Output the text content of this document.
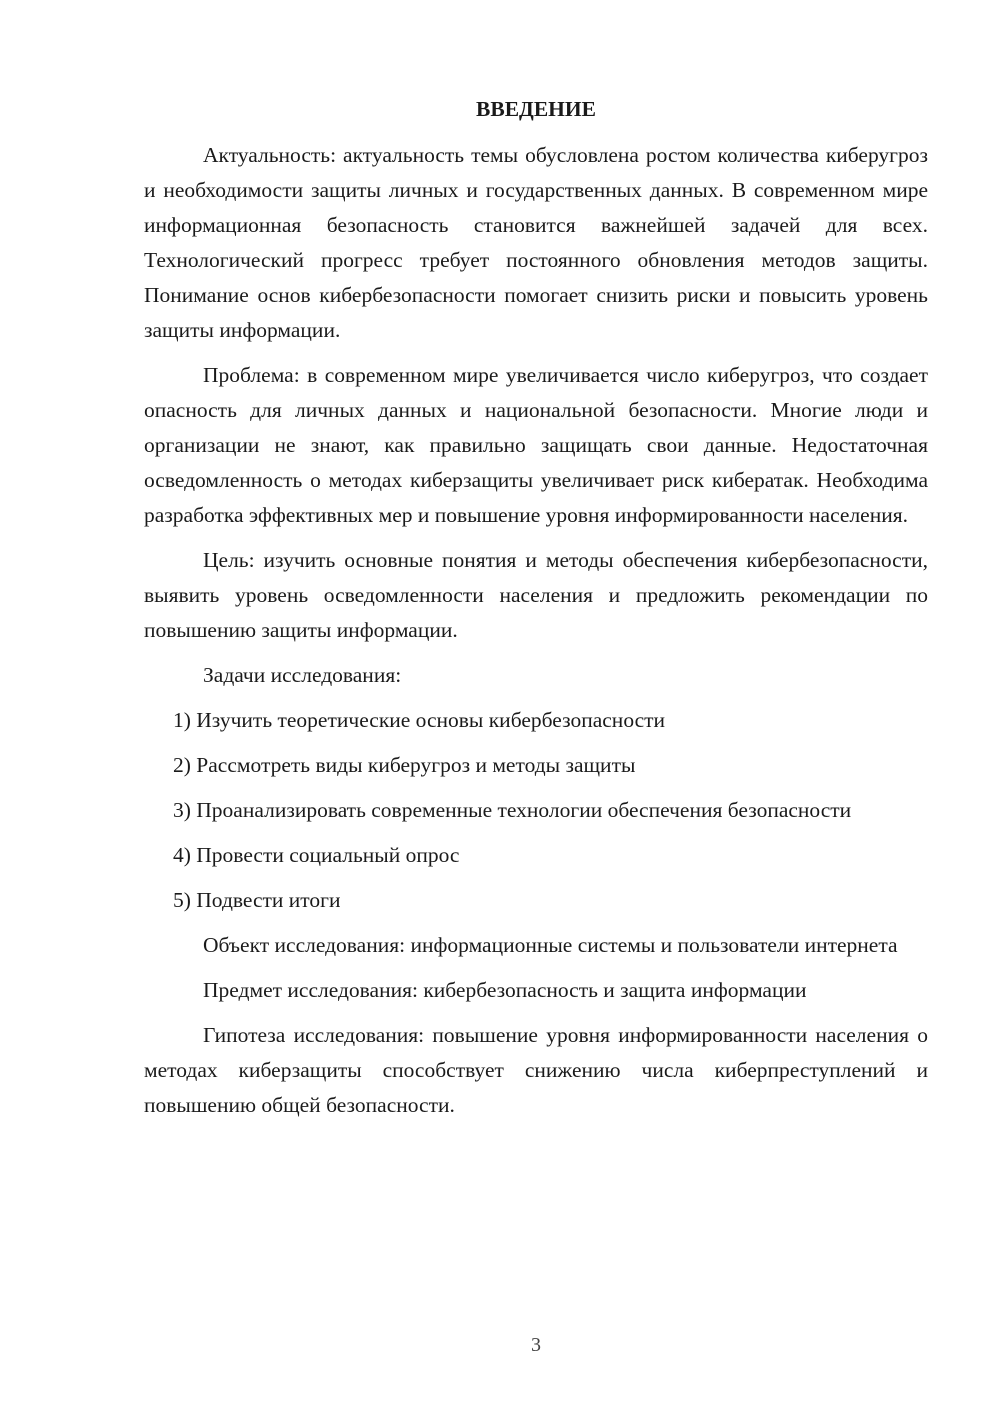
ВВЕДЕНИЕ

Актуальность: актуальность темы обусловлена ростом количества киберугроз и необходимости защиты личных и государственных данных. В современном мире информационная безопасность становится важнейшей задачей для всех. Технологический прогресс требует постоянного обновления методов защиты. Понимание основ кибербезопасности помогает снизить риски и повысить уровень защиты информации.

Проблема: в современном мире увеличивается число киберугроз, что создает опасность для личных данных и национальной безопасности. Многие люди и организации не знают, как правильно защищать свои данные. Недостаточная осведомленность о методах киберзащиты увеличивает риск кибератак. Необходима разработка эффективных мер и повышение уровня информированности населения.

Цель: изучить основные понятия и методы обеспечения кибербезопасности, выявить уровень осведомленности населения и предложить рекомендации по повышению защиты информации.

Задачи исследования:

1) Изучить теоретические основы кибербезопасности

2) Рассмотреть виды киберугроз и методы защиты

3) Проанализировать современные технологии обеспечения безопасности

4) Провести социальный опрос

5) Подвести итоги

Объект исследования: информационные системы и пользователи интернета

Предмет исследования: кибербезопасность и защита информации

Гипотеза исследования: повышение уровня информированности населения о методах киберзащиты способствует снижению числа киберпреступлений и повышению общей безопасности.

3
